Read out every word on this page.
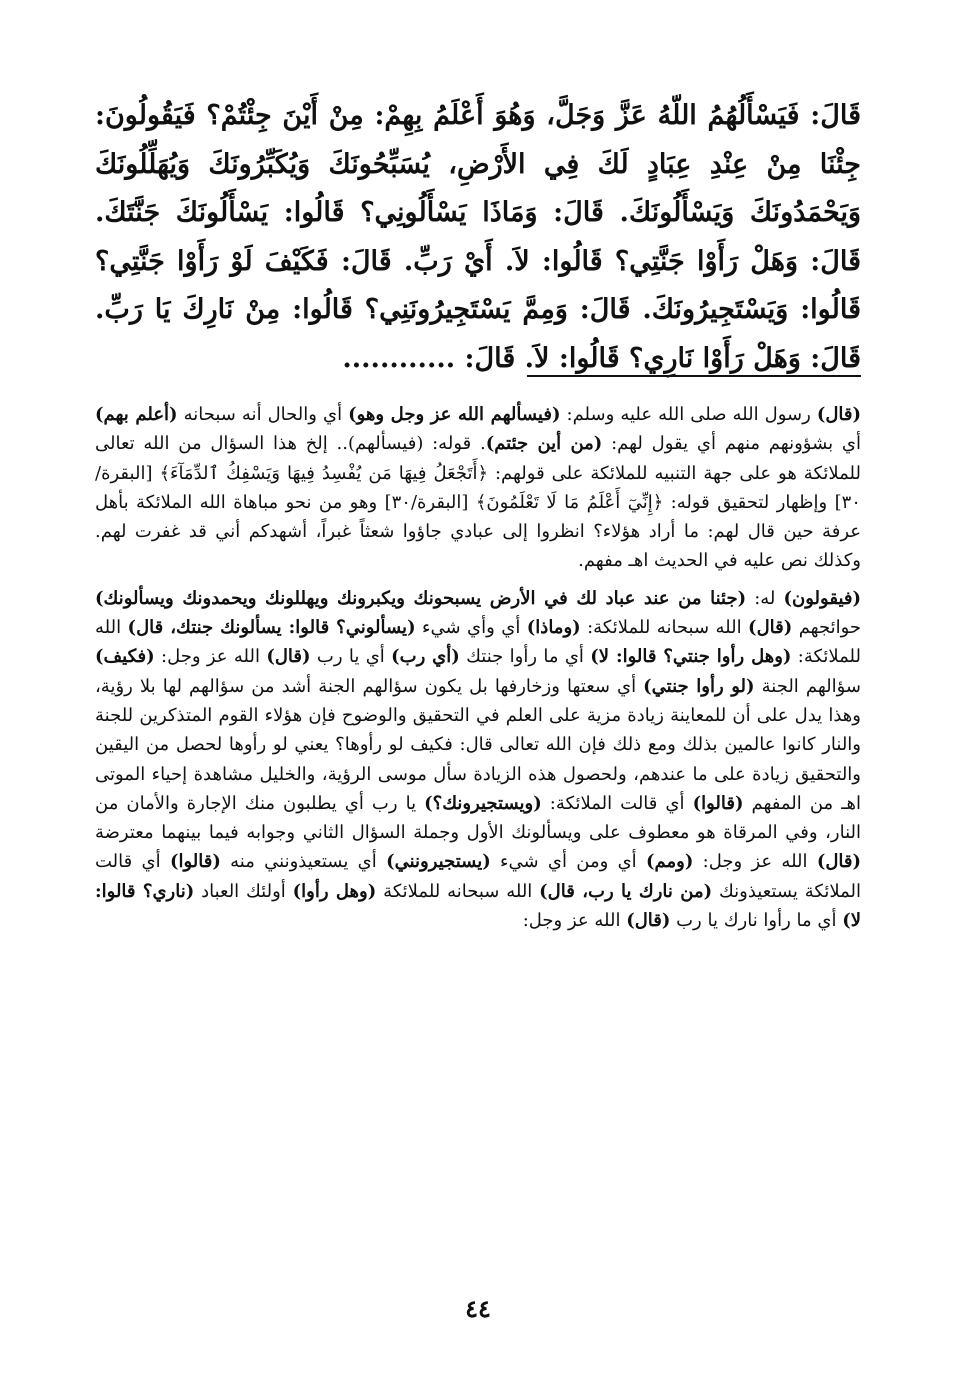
قَالَ: فَيَسْأَلُهُمُ اللّهُ عَزَّ وَجَلَّ، وَهُوَ أَعْلَمُ بِهِمْ: مِنْ أَيْنَ جِئْتُمْ؟ فَيَقُولُونَ: جِئْنَا مِنْ عِنْدِ عِبَادٍ لَكَ فِي الأَرْضِ، يُسَبِّحُونَكَ وَيُكَبِّرُونَكَ وَيُهَلِّلُونَكَ وَيَحْمَدُونَكَ وَيَسْأَلُونَكَ. قَالَ: وَمَاذَا يَسْأَلُونِي؟ قَالُوا: يَسْأَلُونَكَ جَنَّتَكَ. قَالَ: وَهَلْ رَأَوْا جَنَّتِي؟ قَالُوا: لاَ. أَيْ رَبِّ. قَالَ: فَكَيْفَ لَوْ رَأَوْا جَنَّتِي؟ قَالُوا: وَيَسْتَجِيرُونَكَ. قَالَ: وَمِمَّ يَسْتَجِيرُونَنِي؟ قَالُوا: مِنْ نَارِكَ يَا رَبِّ. قَالَ: وَهَلْ رَأَوْا نَارِي؟ قَالُوا: لاَ. قَالَ: ............

(قال) رسول الله صلى الله عليه وسلم: (فيسألهم الله عز وجل وهو) أي والحال أنه سبحانه (أعلم بهم) أي بشؤونهم منهم أي يقول لهم: (من أين جئتم). قوله: (فيسألهم).. إلخ هذا السؤال من الله تعالى للملائكة هو على جهة التنبيه للملائكة على قولهم: ﴿أَتَجْعَلُ فِيهَا مَن يُفْسِدُ فِيهَا وَيَسْفِكُ ٱلدِّمَآءَ﴾ [البقرة/٣٠] وإظهار لتحقيق قوله: ﴿إِنِّيٓ أَعْلَمُ مَا لَا تَعْلَمُونَ﴾ [البقرة/٣٠] وهو من نحو مباهاة الله الملائكة بأهل عرفة حين قال لهم: ما أراد هؤلاء؟ انظروا إلى عبادي جاؤوا شعثاً غبراً، أشهدكم أني قد غفرت لهم. وكذلك نص عليه في الحديث اهـ مفهم.

(فيقولون) له: (جئنا من عند عباد لك في الأرض يسبحونك ويكبرونك ويهللونك ويحمدونك ويسألونك) حوائجهم (قال) الله سبحانه للملائكة: (وماذا) أي وأي شيء (يسألوني؟ قالوا: يسألونك جنتك، قال) الله للملائكة: (وهل رأوا جنتي؟ قالوا: لا) أي ما رأوا جنتك (أي رب) أي يا رب (قال) الله عز وجل: (فكيف) سؤالهم الجنة (لو رأوا جنتي) أي سعتها وزخارفها بل يكون سؤالهم الجنة أشد من سؤالهم لها بلا رؤية، وهذا يدل على أن للمعاينة زيادة مزية على العلم في التحقيق والوضوح فإن هؤلاء القوم المتذكرين للجنة والنار كانوا عالمين بذلك ومع ذلك فإن الله تعالى قال: فكيف لو رأوها؟ يعني لو رأوها لحصل من اليقين والتحقيق زيادة على ما عندهم، ولحصول هذه الزيادة سأل موسى الرؤية، والخليل مشاهدة إحياء الموتى اهـ من المفهم (قالوا) أي قالت الملائكة: (ويستجيرونك؟) يا رب أي يطلبون منك الإجارة والأمان من النار، وفي المرقاة هو معطوف على ويسألونك الأول وجملة السؤال الثاني وجوابه فيما بينهما معترضة (قال) الله عز وجل: (ومم) أي ومن أي شيء (يستجيرونني) أي يستعيذونني منه (قالوا) أي قالت الملائكة يستعيذونك (من نارك يا رب، قال) الله سبحانه للملائكة (وهل رأوا) أولئك العباد (ناري؟ قالوا: لا) أي ما رأوا نارك يا رب (قال) الله عز وجل:

٤٤
